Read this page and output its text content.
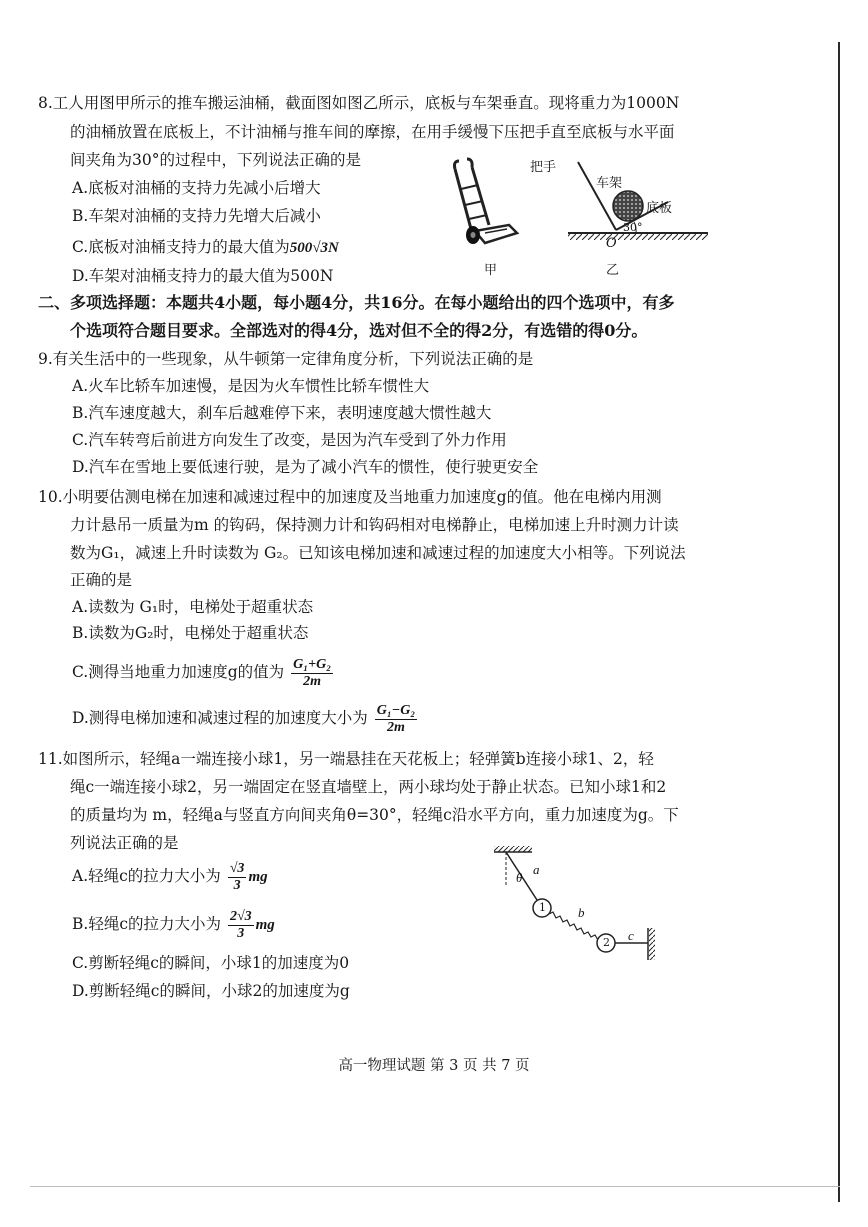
8.工人用图甲所示的推车搬运油桶，截面图如图乙所示，底板与车架垂直。现将重力为1000N
的油桶放置在底板上，不计油桶与推车间的摩擦，在用手缓慢下压把手直至底板与水平面
间夹角为30°的过程中，下列说法正确的是
A.底板对油桶的支持力先减小后增大
B.车架对油桶的支持力先增大后减小
C.底板对油桶支持力的最大值为500√3N
D.车架对油桶支持力的最大值为500N	甲
把手
车架
底板
30°
O
乙
二、多项选择题：本题共4小题，每小题4分，共16分。在每小题给出的四个选项中，有多
个选项符合题目要求。全部选对的得4分，选对但不全的得2分，有选错的得0分。
9.有关生活中的一些现象，从牛顿第一定律角度分析，下列说法正确的是
A.火车比轿车加速慢，是因为火车惯性比轿车惯性大
B.汽车速度越大，刹车后越难停下来，表明速度越大惯性越大
C.汽车转弯后前进方向发生了改变，是因为汽车受到了外力作用
D.汽车在雪地上要低速行驶，是为了减小汽车的惯性，使行驶更安全
10.小明要估测电梯在加速和减速过程中的加速度及当地重力加速度g的值。他在电梯内用测
力计悬吊一质量为m 的钩码，保持测力计和钩码相对电梯静止，电梯加速上升时测力计读
数为G₁，减速上升时读数为 G₂。已知该电梯加速和减速过程的加速度大小相等。下列说法
正确的是
A.读数为 G₁时，电梯处于超重状态
B.读数为G₂时，电梯处于超重状态
C.测得当地重力加速度g的值为 $\frac{\text{G₁+G₂}}{2m}$
D.测得电梯加速和减速过程的加速度大小为 $\frac{\text{G₁−G₂}}{2m}$
11.如图所示，轻绳a一端连接小球1，另一端悬挂在天花板上；轻弹簧b连接小球1、2，轻
绳c一端连接小球2，另一端固定在竖直墙壁上，两小球均处于静止状态。已知小球1和2
的质量均为 m，轻绳a与竖直方向间夹角θ=30°，轻绳c沿水平方向，重力加速度为g。下
列说法正确的是
A.轻绳c的拉力大小为 $\frac{√3}{3}$ mg
B.轻绳c的拉力大小为 $\frac{2√3}{3}$ mg
C.剪断轻绳c的瞬间，小球1的加速度为0
D.剪断轻绳c的瞬间，小球2的加速度为g
θ
a
1 b
2 c
高一物理试题 第 3 页 共 7 页
